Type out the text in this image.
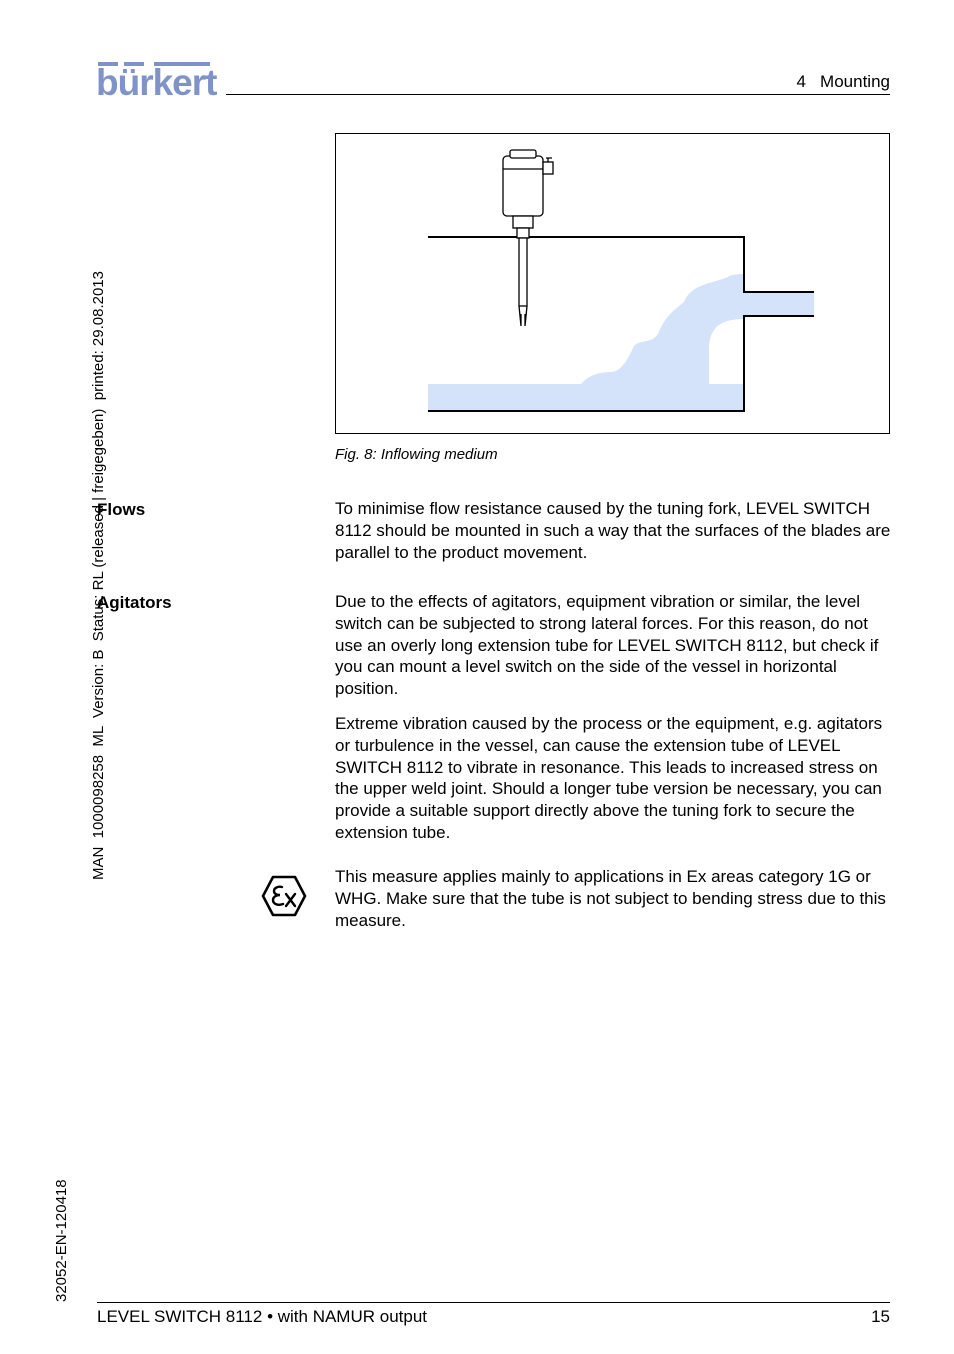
bürkert	4   Mounting
MAN  1000098258  ML  Version: B  Status: RL (released | freigegeben)  printed: 29.08.2013
32052-EN-120418
Fig. 8: Inflowing medium
Flows	To minimise flow resistance caused by the tuning fork, LEVEL SWITCH 8112 should be mounted in such a way that the surfaces of the blades are parallel to the product movement.

Agitators	Due to the effects of agitators, equipment vibration or similar, the level switch can be subjected to strong lateral forces. For this reason, do not use an overly long extension tube for LEVEL SWITCH 8112, but check if you can mount a level switch on the side of the vessel in horizontal position.

Extreme vibration caused by the process or the equipment, e.g. agitators or turbulence in the vessel, can cause the extension tube of LEVEL SWITCH 8112 to vibrate in resonance. This leads to increased stress on the upper weld joint. Should a longer tube version be necessary, you can provide a suitable support directly above the tuning fork to secure the extension tube.

This measure applies mainly to applications in Ex areas category 1G or WHG. Make sure that the tube is not subject to bending stress due to this measure.

LEVEL SWITCH 8112 • with NAMUR output	15
